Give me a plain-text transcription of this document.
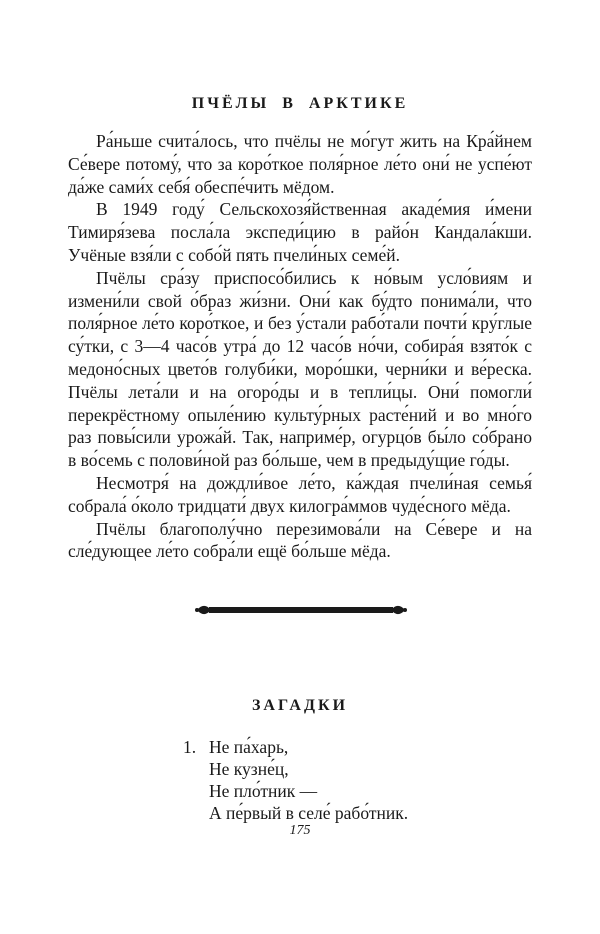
ПЧЁЛЫ В АРКТИКЕ

Ра́ньше счита́лось, что пчёлы не мо́гут жить на Кра́йнем Се́вере потому́, что за коро́ткое поля́рное ле́то они́ не успе́ют да́же сами́х себя́ обеспе́чить мёдом.

В 1949 году́ Сельскохозя́йственная акаде́мия и́мени Тимиря́зева посла́ла экспеди́цию в райо́н Кандала́кши. Учёные взя́ли с собо́й пять пчели́ных семе́й.

Пчёлы сра́зу приспосо́бились к но́вым усло́виям и измени́ли свой о́браз жи́зни. Они́ как бу́дто понима́ли, что поля́рное ле́то коро́ткое, и без у́стали рабо́тали почти́ кру́глые су́тки, с 3—4 часо́в утра́ до 12 часо́в но́чи, собира́я взято́к с медоно́сных цвето́в голуби́ки, моро́шки, черни́ки и ве́реска. Пчёлы лета́ли и на огоро́ды и в тепли́цы. Они́ помогли́ перекрёстному опыле́нию культу́рных расте́ний и во мно́го раз повы́сили урожа́й. Так, наприме́р, огурцо́в бы́ло со́брано в во́семь с полови́ной раз бо́льше, чем в предыду́щие го́ды.

Несмотря́ на дождли́вое ле́то, ка́ждая пчели́ная семья́ собрала́ о́коло тридцати́ двух килогра́ммов чуде́сного мёда.

Пчёлы благополу́чно перезимова́ли на Се́вере и на сле́дующее ле́то собра́ли ещё бо́льше мёда.

ЗАГАДКИ
1. Не па́харь,
Не кузне́ц,
Не пло́тник —
А пе́рвый в селе́ рабо́тник.
175
